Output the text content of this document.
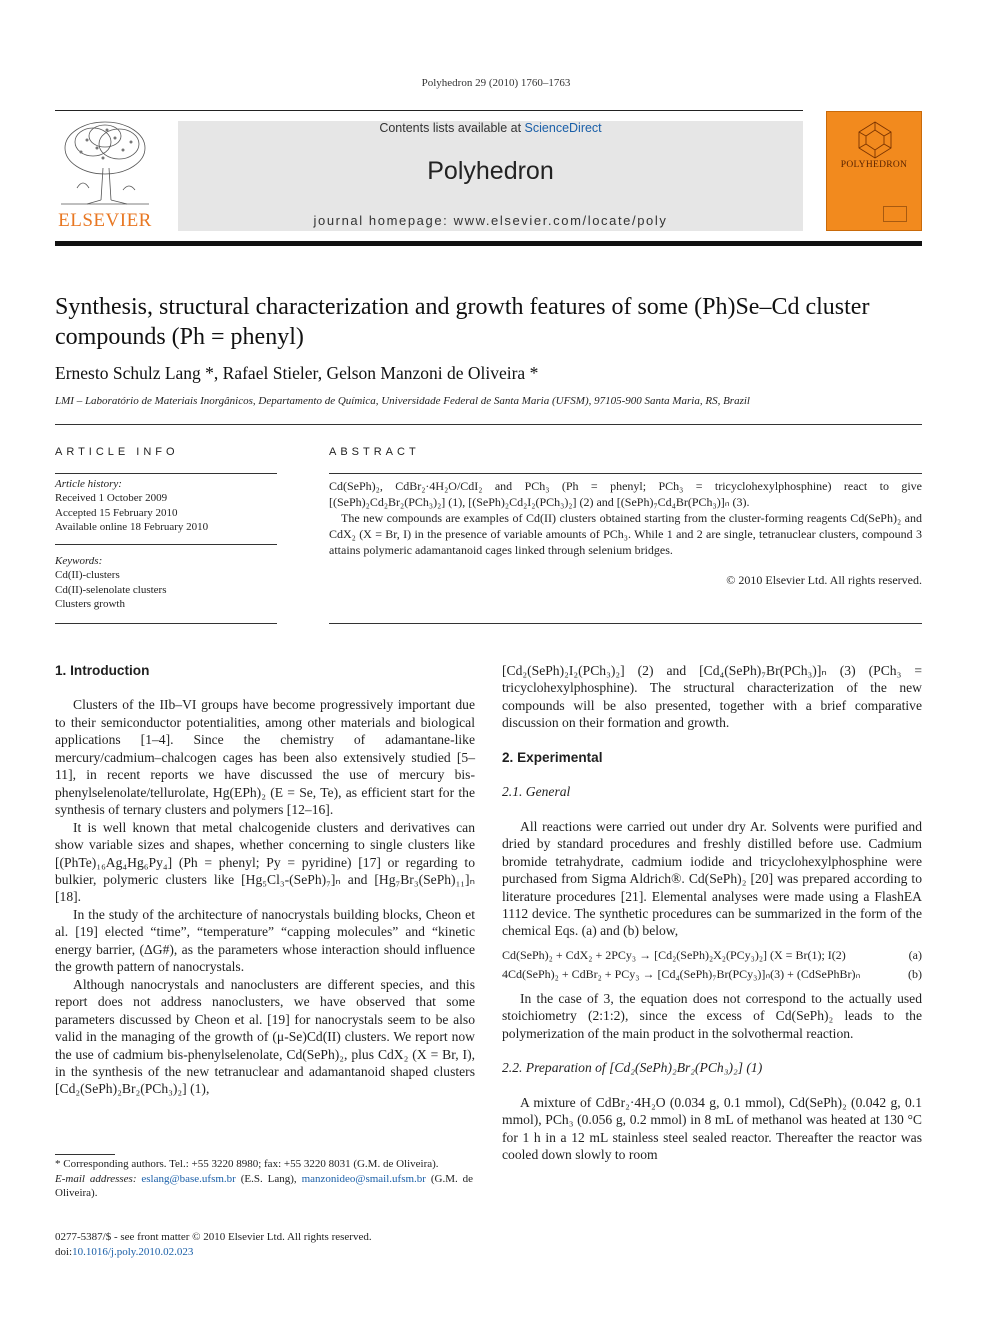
Polyhedron 29 (2010) 1760–1763
ELSEVIER
Contents lists available at ScienceDirect
Polyhedron
journal homepage: www.elsevier.com/locate/poly
POLYHEDRON
Synthesis, structural characterization and growth features of some (Ph)Se–Cd cluster compounds (Ph = phenyl)
Ernesto Schulz Lang *, Rafael Stieler, Gelson Manzoni de Oliveira *
LMI – Laboratório de Materiais Inorgânicos, Departamento de Química, Universidade Federal de Santa Maria (UFSM), 97105-900 Santa Maria, RS, Brazil
ARTICLE INFO
Article history:
Received 1 October 2009
Accepted 15 February 2010
Available online 18 February 2010
Keywords:
Cd(II)-clusters
Cd(II)-selenolate clusters
Clusters growth
ABSTRACT

Cd(SePh)₂, CdBr₂·4H₂O/CdI₂ and PCh₃ (Ph = phenyl; PCh₃ = tricyclohexylphosphine) react to give [(SePh)₂Cd₂Br₂(PCh₃)₂] (1), [(SePh)₂Cd₂I₂(PCh₃)₂] (2) and [(SePh)₇Cd₄Br(PCh₃)]ₙ (3).

The new compounds are examples of Cd(II) clusters obtained starting from the cluster-forming reagents Cd(SePh)₂ and CdX₂ (X = Br, I) in the presence of variable amounts of PCh₃. While 1 and 2 are single, tetranuclear clusters, compound 3 attains polymeric adamantanoid cages linked through selenium bridges.

© 2010 Elsevier Ltd. All rights reserved.
1. Introduction

Clusters of the IIb–VI groups have become progressively important due to their semiconductor potentialities, among other materials and biological applications [1–4]. Since the chemistry of adamantane-like mercury/cadmium–chalcogen cages has been also extensively studied [5–11], in recent reports we have discussed the use of mercury bis-phenylselenolate/tellurolate, Hg(EPh)₂ (E = Se, Te), as efficient start for the synthesis of ternary clusters and polymers [12–16].

It is well known that metal chalcogenide clusters and derivatives can show variable sizes and shapes, whether concerning to single clusters like [(PhTe)₁₆Ag₄Hg₆Py₄] (Ph = phenyl; Py = pyridine) [17] or regarding to bulkier, polymeric clusters like [Hg₅Cl₃-(SePh)₇]ₙ and [Hg₇Br₃(SePh)₁₁]ₙ [18].

In the study of the architecture of nanocrystals building blocks, Cheon et al. [19] elected “time”, “temperature” “capping molecules” and “kinetic energy barrier, (ΔG#), as the parameters whose interaction should influence the growth pattern of nanocrystals.

Although nanocrystals and nanoclusters are different species, and this report does not address nanoclusters, we have observed that some parameters discussed by Cheon et al. [19] for nanocrystals seem to be also valid in the managing of the growth of (μ-Se)Cd(II) clusters. We report now the use of cadmium bis-phenylselenolate, Cd(SePh)₂, plus CdX₂ (X = Br, I), in the synthesis of the new tetranuclear and adamantanoid shaped clusters [Cd₂(SePh)₂Br₂(PCh₃)₂] (1),

[Cd₂(SePh)₂I₂(PCh₃)₂] (2) and [Cd₄(SePh)₇Br(PCh₃)]ₙ (3) (PCh₃ = tricyclohexylphosphine). The structural characterization of the new compounds will be also presented, together with a brief comparative discussion on their formation and growth.

2. Experimental
2.1. General

All reactions were carried out under dry Ar. Solvents were purified and dried by standard procedures and freshly distilled before use. Cadmium bromide tetrahydrate, cadmium iodide and tricyclohexylphosphine were purchased from Sigma Aldrich®. Cd(SePh)₂ [20] was prepared according to literature procedures [21]. Elemental analyses were made using a FlashEA 1112 device. The synthetic procedures can be summarized in the form of the chemical Eqs. (a) and (b) below,

Cd(SePh)₂ + CdX₂ + 2PCy₃ → [Cd₂(SePh)₂X₂(PCy₃)₂] (X = Br(1); I(2)	(a)
4Cd(SePh)₂ + CdBr₂ + PCy₃ → [Cd₄(SePh)₇Br(PCy₃)]ₙ(3) + (CdSePhBr)ₙ	(b)

In the case of 3, the equation does not correspond to the actually used stoichiometry (2:1:2), since the excess of Cd(SePh)₂ leads to the polymerization of the main product in the solvothermal reaction.

2.2. Preparation of [Cd₂(SePh)₂Br₂(PCh₃)₂] (1)

A mixture of CdBr₂·4H₂O (0.034 g, 0.1 mmol), Cd(SePh)₂ (0.042 g, 0.1 mmol), PCh₃ (0.056 g, 0.2 mmol) in 8 mL of methanol was heated at 130 °C for 1 h in a 12 mL stainless steel sealed reactor. Thereafter the reactor was cooled down slowly to room

* Corresponding authors. Tel.: +55 3220 8980; fax: +55 3220 8031 (G.M. de Oliveira).
E-mail addresses: eslang@base.ufsm.br (E.S. Lang), manzonideo@smail.ufsm.br (G.M. de Oliveira).
0277-5387/$ - see front matter © 2010 Elsevier Ltd. All rights reserved.
doi:10.1016/j.poly.2010.02.023
